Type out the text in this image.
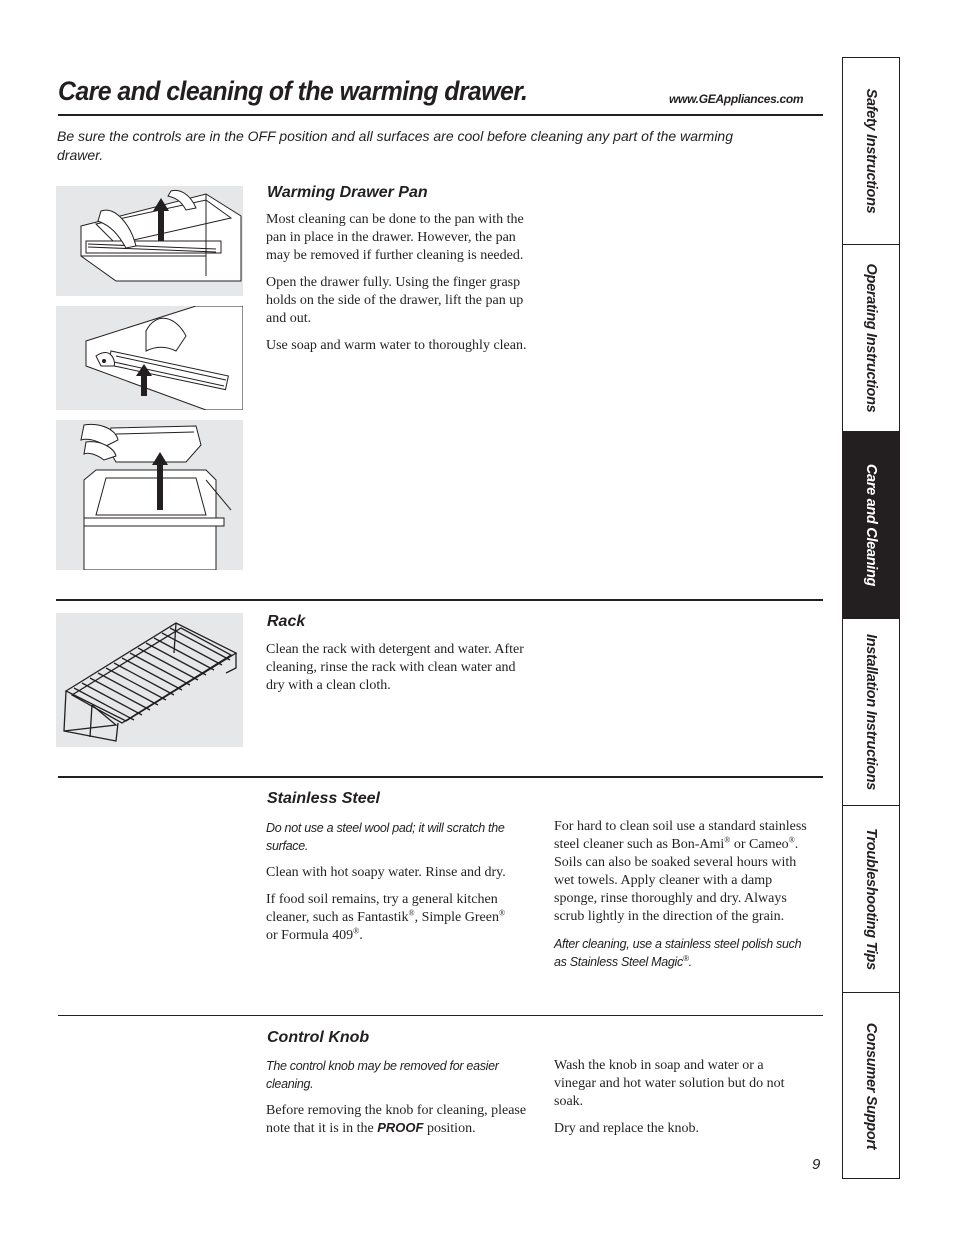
Care and cleaning of the warming drawer.	www.GEAppliances.com
Be sure the controls are in the OFF position and all surfaces are cool before cleaning any part of the warming drawer.
Warming Drawer Pan

Most cleaning can be done to the pan with the pan in place in the drawer. However, the pan may be removed if further cleaning is needed.

Open the drawer fully. Using the finger grasp holds on the side of the drawer, lift the pan up and out.

Use soap and warm water to thoroughly clean.

Rack

Clean the rack with detergent and water. After cleaning, rinse the rack with clean water and dry with a clean cloth.

Stainless Steel

Do not use a steel wool pad; it will scratch the surface.

Clean with hot soapy water. Rinse and dry.

If food soil remains, try a general kitchen cleaner, such as Fantastik®, Simple Green® or Formula 409®.

For hard to clean soil use a standard stainless steel cleaner such as Bon-Ami® or Cameo®. Soils can also be soaked several hours with wet towels. Apply cleaner with a damp sponge, rinse thoroughly and dry. Always scrub lightly in the direction of the grain.

After cleaning, use a stainless steel polish such as Stainless Steel Magic®.

Control Knob

The control knob may be removed for easier cleaning.

Before removing the knob for cleaning, please note that it is in the PROOF position.

Wash the knob in soap and water or a vinegar and hot water solution but do not soak.

Dry and replace the knob.

9
Safety Instructions
Operating Instructions
Care and Cleaning
Installation Instructions
Troubleshooting Tips
Consumer Support
